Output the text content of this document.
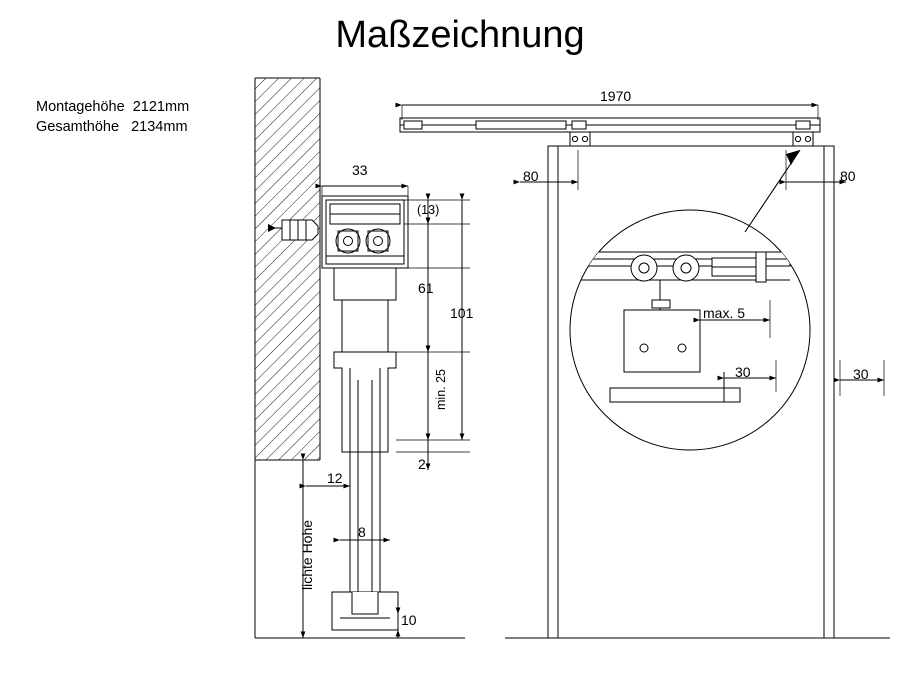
Maßzeichnung
Montagehöhe  2121mm
Gesamthöhe   2134mm
33
(13)
61
101
min. 25
2
12
8
10
lichte Höhe
1970
80	80
30
max. 5
30
